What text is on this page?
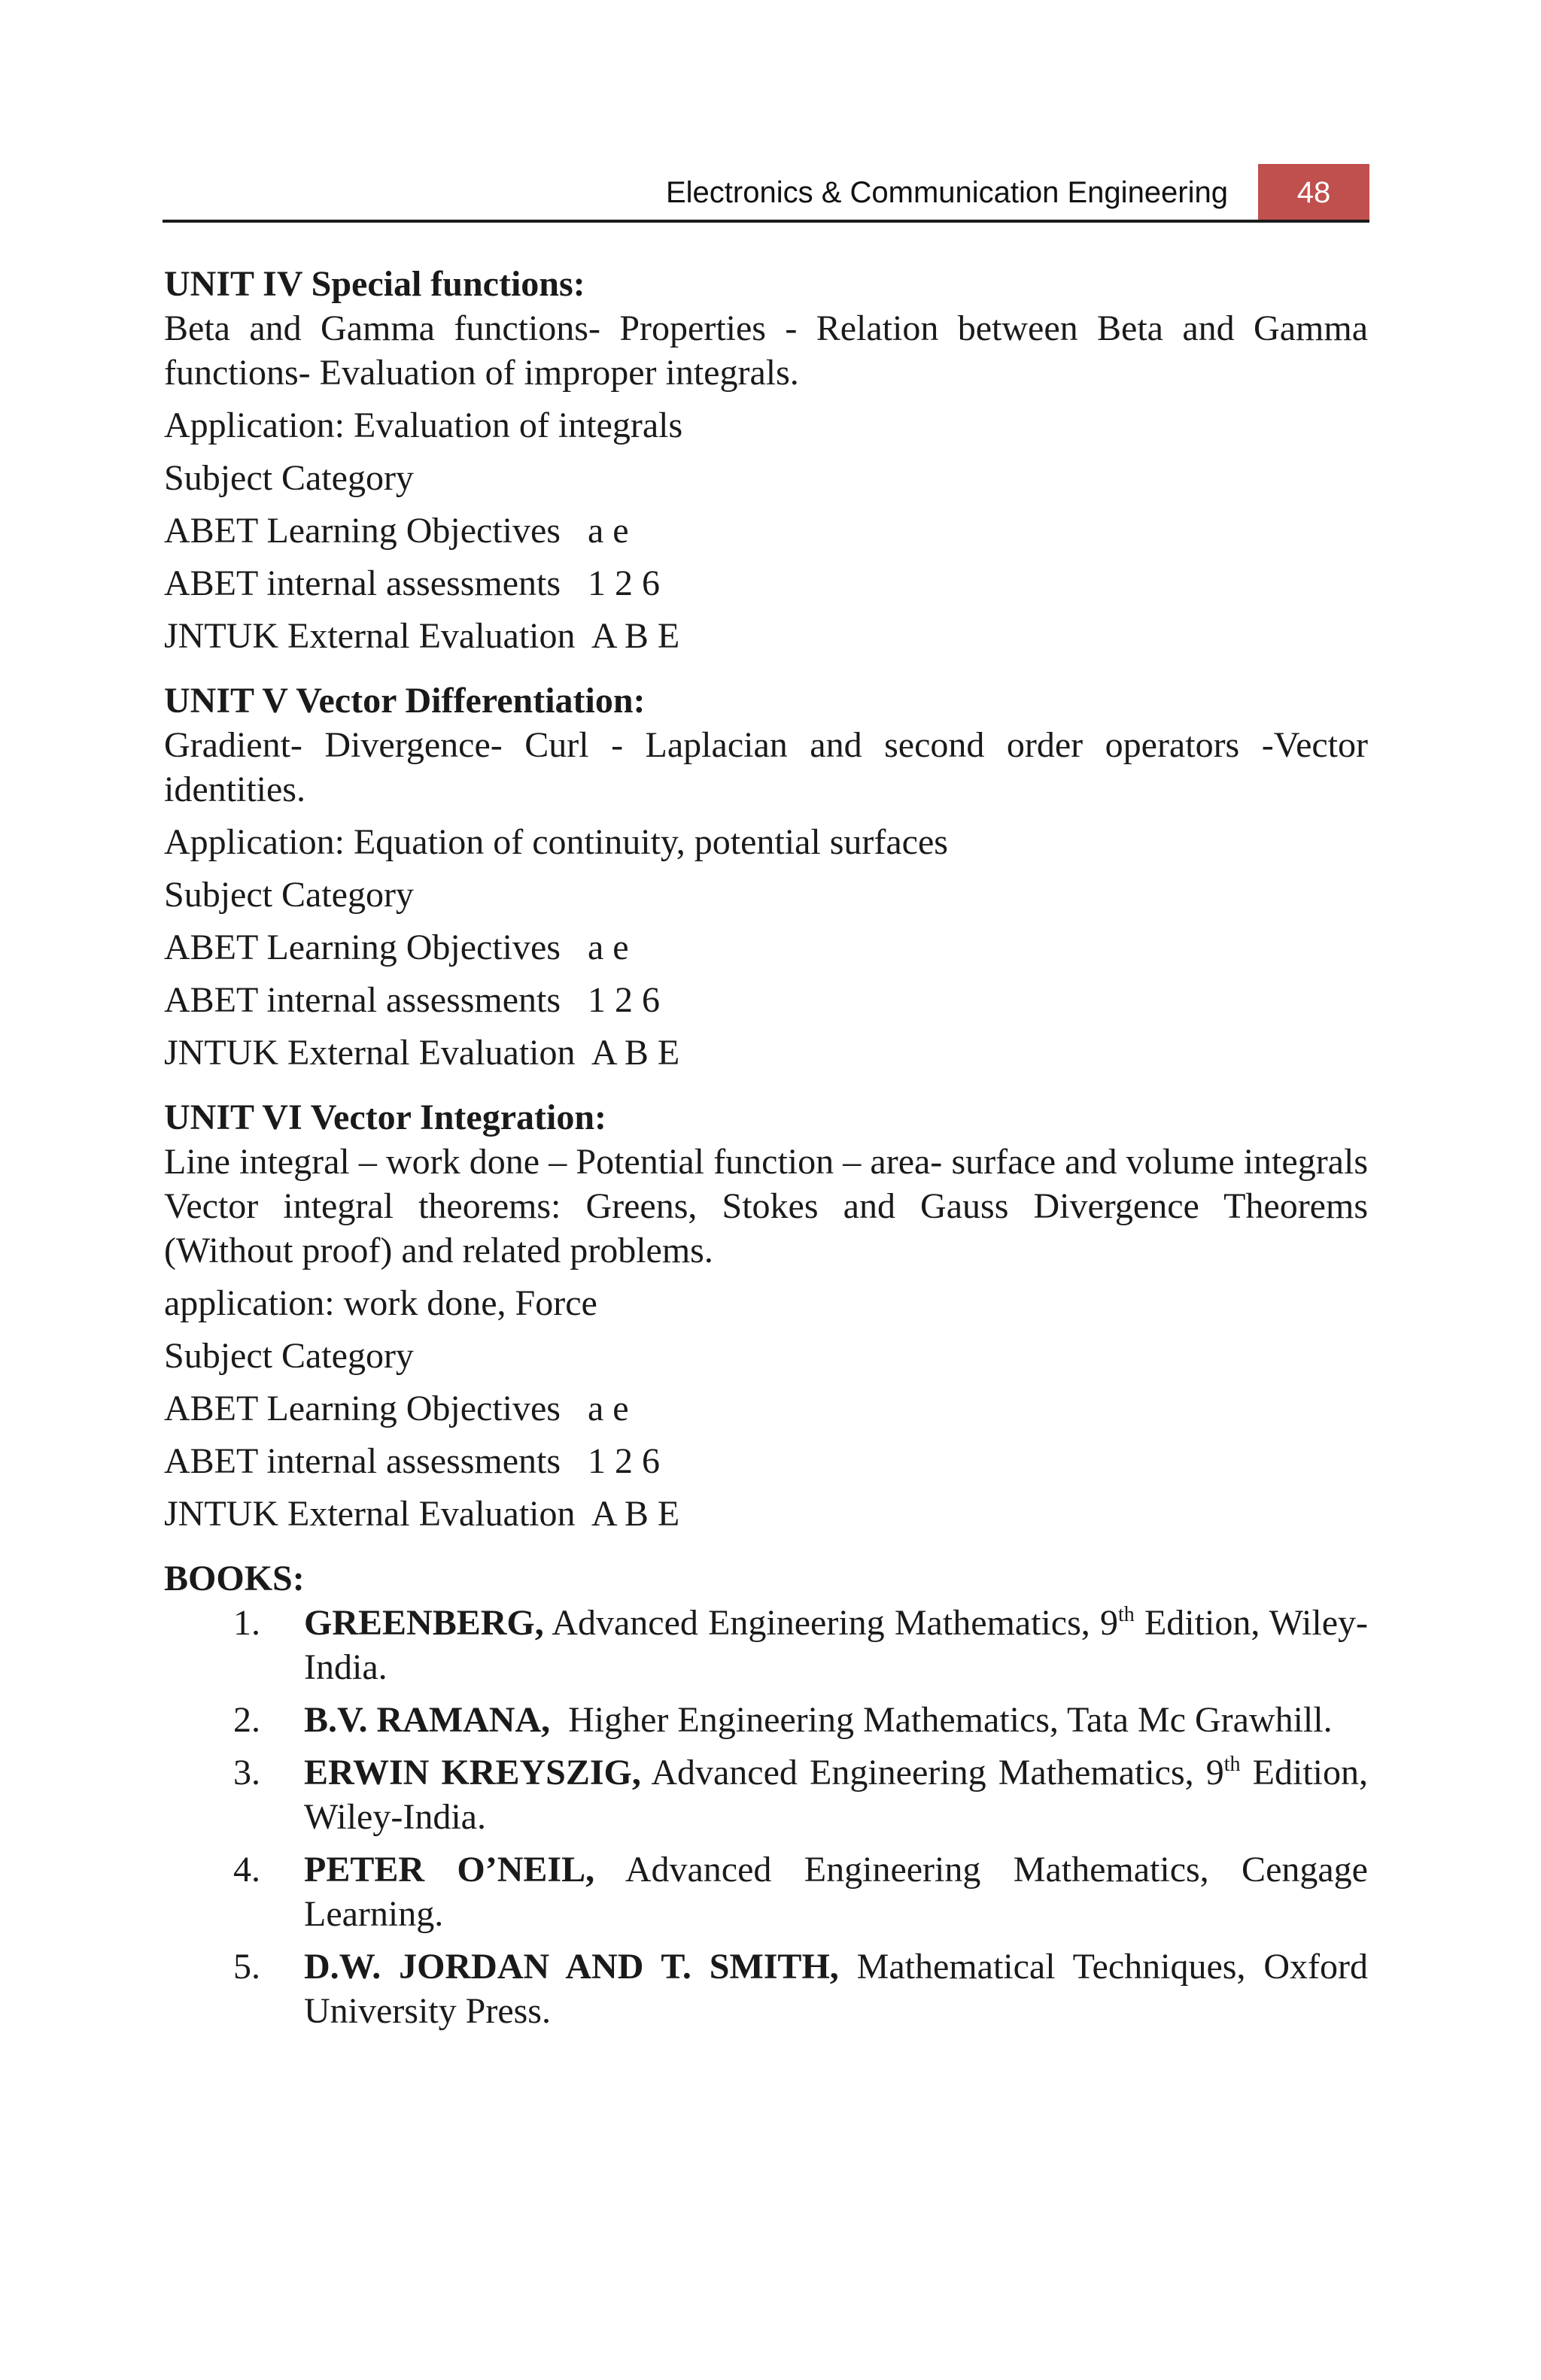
Electronics & Communication Engineering	48

UNIT IV Special functions:

Beta and Gamma functions- Properties - Relation between Beta and Gamma functions- Evaluation of improper integrals.

Application: Evaluation of integrals

Subject Category

ABET Learning Objectives   a e

ABET internal assessments   1 2 6

JNTUK External Evaluation  A B E

UNIT V Vector Differentiation:

Gradient- Divergence- Curl - Laplacian and second order operators -Vector identities.

Application: Equation of continuity, potential surfaces

Subject Category

ABET Learning Objectives   a e

ABET internal assessments   1 2 6

JNTUK External Evaluation  A B E

UNIT VI Vector Integration:

Line integral – work done – Potential function – area- surface and volume integrals Vector integral theorems: Greens, Stokes and Gauss Divergence Theorems (Without proof) and related problems.

application: work done, Force

Subject Category

ABET Learning Objectives   a e

ABET internal assessments   1 2 6

JNTUK External Evaluation  A B E

BOOKS:

1. GREENBERG, Advanced Engineering Mathematics, 9th Edition, Wiley-India.
2. B.V. RAMANA,  Higher Engineering Mathematics, Tata Mc Grawhill.
3. ERWIN KREYSZIG, Advanced Engineering Mathematics, 9th Edition, Wiley-India.
4. PETER O’NEIL, Advanced Engineering Mathematics, Cengage Learning.
5. D.W. JORDAN AND T. SMITH, Mathematical Techniques, Oxford University Press.
